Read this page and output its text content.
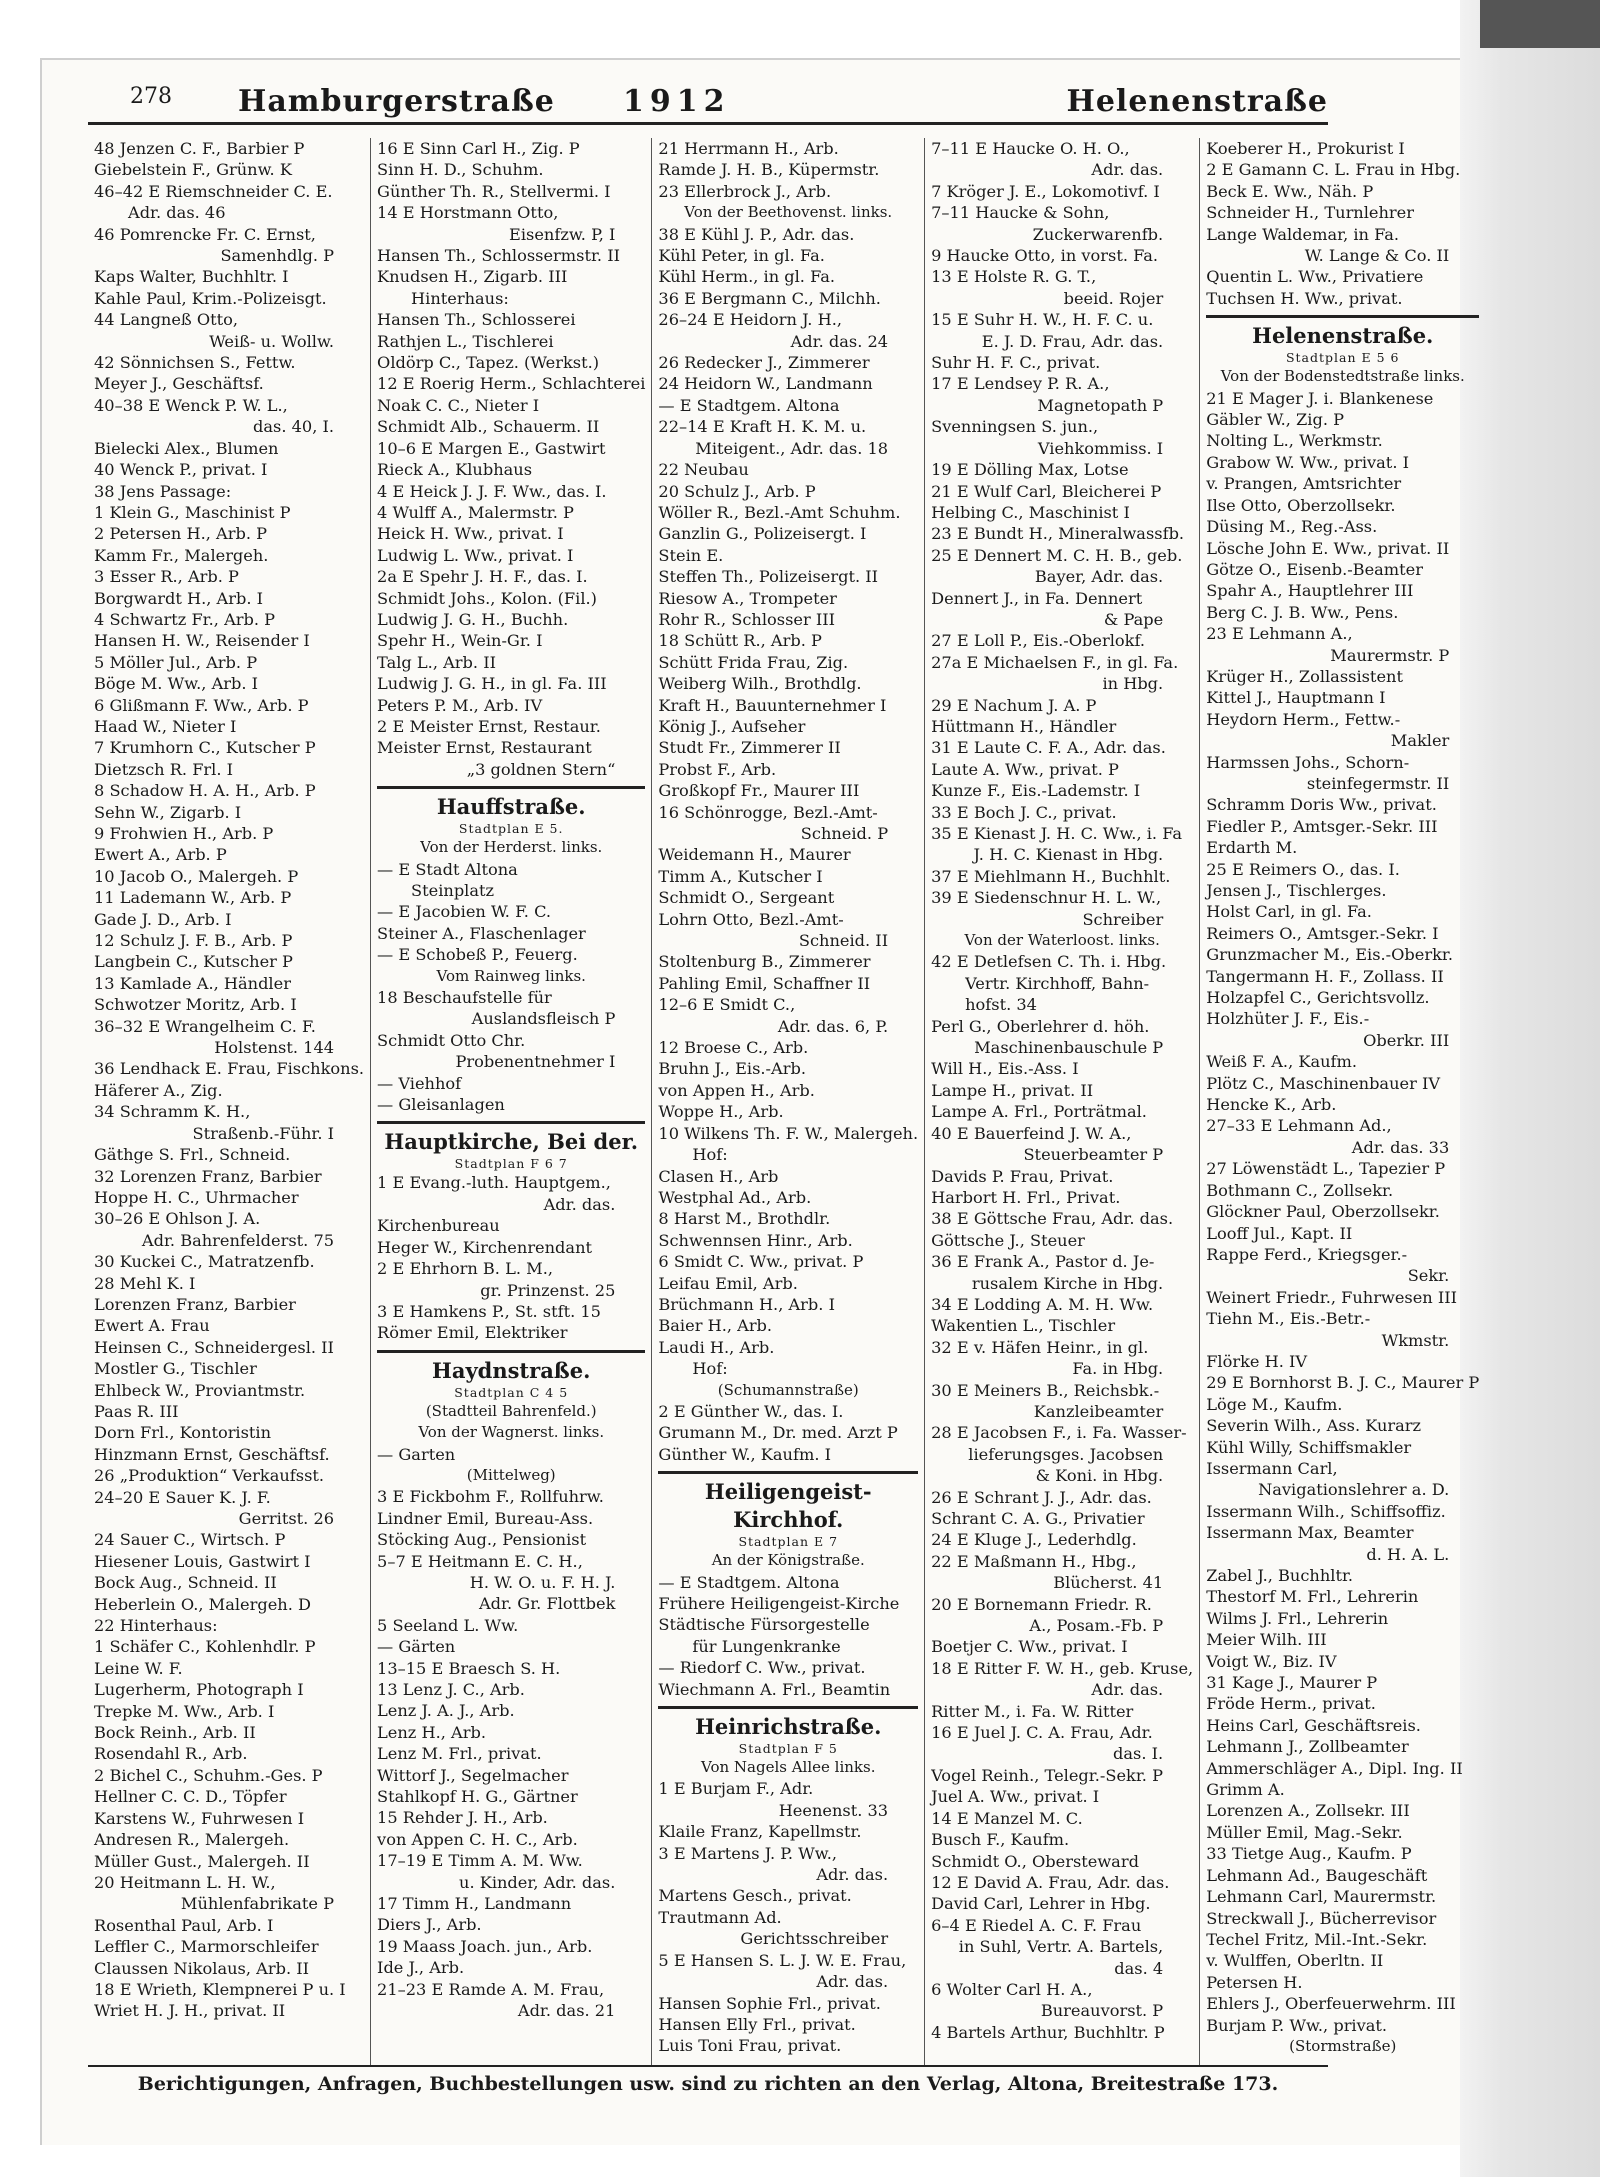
278 Hamburgerstraße 1912	Helenenstraße
48 Jenzen C. F., Barbier P
Giebelstein F., Grünw. K
46–42 E Riemschneider C. E.
Adr. das. 46
46 Pomrencke Fr. C. Ernst,
Samenhdlg. P
Kaps Walter, Buchhltr. I
Kahle Paul, Krim.-Polizeisgt.
44 Langneß Otto,
Weiß- u. Wollw.
42 Sönnichsen S., Fettw.
Meyer J., Geschäftsf.
40–38 E Wenck P. W. L.,
das. 40, I.
Bielecki Alex., Blumen
40 Wenck P., privat. I
38 Jens Passage:
1 Klein G., Maschinist P
2 Petersen H., Arb. P
Kamm Fr., Malergeh.
3 Esser R., Arb. P
Borgwardt H., Arb. I
4 Schwartz Fr., Arb. P
Hansen H. W., Reisender I
5 Möller Jul., Arb. P
Böge M. Ww., Arb. I
6 Glißmann F. Ww., Arb. P
Haad W., Nieter I
7 Krumhorn C., Kutscher P
Dietzsch R. Frl. I
8 Schadow H. A. H., Arb. P
Sehn W., Zigarb. I
9 Frohwien H., Arb. P
Ewert A., Arb. P
10 Jacob O., Malergeh. P
11 Lademann W., Arb. P
Gade J. D., Arb. I
12 Schulz J. F. B., Arb. P
Langbein C., Kutscher P
13 Kamlade A., Händler
Schwotzer Moritz, Arb. I
36–32 E Wrangelheim C. F.
Holstenst. 144
36 Lendhack E. Frau, Fischkons.
Häferer A., Zig.
34 Schramm K. H.,
Straßenb.-Führ. I
Gäthge S. Frl., Schneid.
32 Lorenzen Franz, Barbier
Hoppe H. C., Uhrmacher
30–26 E Ohlson J. A.
Adr. Bahrenfelderst. 75
30 Kuckei C., Matratzenfb.
28 Mehl K. I
Lorenzen Franz, Barbier
Ewert A. Frau
Heinsen C., Schneidergesl. II
Mostler G., Tischler
Ehlbeck W., Proviantmstr.
Paas R. III
Dorn Frl., Kontoristin
Hinzmann Ernst, Geschäftsf.
26 „Produktion“ Verkaufsst.
24–20 E Sauer K. J. F.
Gerritst. 26
24 Sauer C., Wirtsch. P
Hiesener Louis, Gastwirt I
Bock Aug., Schneid. II
Heberlein O., Malergeh. D
22 Hinterhaus:
1 Schäfer C., Kohlenhdlr. P
Leine W. F.
Lugerherm, Photograph I
Trepke M. Ww., Arb. I
Bock Reinh., Arb. II
Rosendahl R., Arb.
2 Bichel C., Schuhm.-Ges. P
Hellner C. C. D., Töpfer
Karstens W., Fuhrwesen I
Andresen R., Malergeh.
Müller Gust., Malergeh. II
20 Heitmann L. H. W.,
Mühlenfabrikate P
Rosenthal Paul, Arb. I
Leffler C., Marmorschleifer
Claussen Nikolaus, Arb. II
18 E Wrieth, Klempnerei P u. I
Wriet H. J. H., privat. II
16 E Sinn Carl H., Zig. P
Sinn H. D., Schuhm.
Günther Th. R., Stellvermi. I
14 E Horstmann Otto,
Eisenfzw. P, I
Hansen Th., Schlossermstr. II
Knudsen H., Zigarb. III
Hinterhaus:
Hansen Th., Schlosserei
Rathjen L., Tischlerei
Oldörp C., Tapez. (Werkst.)
12 E Roerig Herm., Schlachterei
Noak C. C., Nieter I
Schmidt Alb., Schauerm. II
10–6 E Margen E., Gastwirt
Rieck A., Klubhaus
4 E Heick J. J. F. Ww., das. I.
4 Wulff A., Malermstr. P
Heick H. Ww., privat. I
Ludwig L. Ww., privat. I
2a E Spehr J. H. F., das. I.
Schmidt Johs., Kolon. (Fil.)
Ludwig J. G. H., Buchh.
Spehr H., Wein-Gr. I
Talg L., Arb. II
Ludwig J. G. H., in gl. Fa. III
Peters P. M., Arb. IV
2 E Meister Ernst, Restaur.
Meister Ernst, Restaurant
„3 goldnen Stern“
Hauffstraße.
Stadtplan E 5.
Von der Herderst. links.
— E Stadt Altona
Steinplatz
— E Jacobien W. F. C.
Steiner A., Flaschenlager
— E Schobeß P., Feuerg.
Vom Rainweg links.
18 Beschaufstelle für
Auslandsfleisch P
Schmidt Otto Chr.
Probenentnehmer I
— Viehhof
— Gleisanlagen
Hauptkirche, Bei der.
Stadtplan F 6 7
1 E Evang.-luth. Hauptgem.,
Adr. das.
Kirchenbureau
Heger W., Kirchenrendant
2 E Ehrhorn B. L. M.,
gr. Prinzenst. 25
3 E Hamkens P., St. stft. 15
Römer Emil, Elektriker
Haydnstraße.
Stadtplan C 4 5
(Stadtteil Bahrenfeld.)
Von der Wagnerst. links.
— Garten
(Mittelweg)
3 E Fickbohm F., Rollfuhrw.
Lindner Emil, Bureau-Ass.
Stöcking Aug., Pensionist
5–7 E Heitmann E. C. H.,
H. W. O. u. F. H. J.
Adr. Gr. Flottbek
5 Seeland L. Ww.
— Gärten
13–15 E Braesch S. H.
13 Lenz J. C., Arb.
Lenz J. A. J., Arb.
Lenz H., Arb.
Lenz M. Frl., privat.
Wittorf J., Segelmacher
Stahlkopf H. G., Gärtner
15 Rehder J. H., Arb.
von Appen C. H. C., Arb.
17–19 E Timm A. M. Ww.
u. Kinder, Adr. das.
17 Timm H., Landmann
Diers J., Arb.
19 Maass Joach. jun., Arb.
Ide J., Arb.
21–23 E Ramde A. M. Frau,
Adr. das. 21
21 Herrmann H., Arb.
Ramde J. H. B., Küpermstr.
23 Ellerbrock J., Arb.
Von der Beethovenst. links.
38 E Kühl J. P., Adr. das.
Kühl Peter, in gl. Fa.
Kühl Herm., in gl. Fa.
36 E Bergmann C., Milchh.
26–24 E Heidorn J. H.,
Adr. das. 24
26 Redecker J., Zimmerer
24 Heidorn W., Landmann
— E Stadtgem. Altona
22–14 E Kraft H. K. M. u.
Miteigent., Adr. das. 18
22 Neubau
20 Schulz J., Arb. P
Wöller R., Bezl.-Amt Schuhm.
Ganzlin G., Polizeisergt. I
Stein E.
Steffen Th., Polizeisergt. II
Riesow A., Trompeter
Rohr R., Schlosser III
18 Schütt R., Arb. P
Schütt Frida Frau, Zig.
Weiberg Wilh., Brothdlg.
Kraft H., Bauunternehmer I
König J., Aufseher
Studt Fr., Zimmerer II
Probst F., Arb.
Großkopf Fr., Maurer III
16 Schönrogge, Bezl.-Amt-
Schneid. P
Weidemann H., Maurer
Timm A., Kutscher I
Schmidt O., Sergeant
Lohrn Otto, Bezl.-Amt-
Schneid. II
Stoltenburg B., Zimmerer
Pahling Emil, Schaffner II
12–6 E Smidt C.,
Adr. das. 6, P.
12 Broese C., Arb.
Bruhn J., Eis.-Arb.
von Appen H., Arb.
Woppe H., Arb.
10 Wilkens Th. F. W., Malergeh.
Hof:
Clasen H., Arb
Westphal Ad., Arb.
8 Harst M., Brothdlr.
Schwennsen Hinr., Arb.
6 Smidt C. Ww., privat. P
Leifau Emil, Arb.
Brüchmann H., Arb. I
Baier H., Arb.
Laudi H., Arb.
Hof:
(Schumannstraße)
2 E Günther W., das. I.
Grumann M., Dr. med. Arzt P
Günther W., Kaufm. I
Heiligengeist-Kirchhof.
Stadtplan E 7
An der Königstraße.
— E Stadtgem. Altona
Frühere Heiligengeist-Kirche
Städtische Fürsorgestelle
für Lungenkranke
— Riedorf C. Ww., privat.
Wiechmann A. Frl., Beamtin
Heinrichstraße.
Stadtplan F 5
Von Nagels Allee links.
1 E Burjam F., Adr.
Heenenst. 33
Klaile Franz, Kapellmstr.
3 E Martens J. P. Ww.,
Adr. das.
Martens Gesch., privat.
Trautmann Ad.
Gerichtsschreiber
5 E Hansen S. L. J. W. E. Frau,
Adr. das.
Hansen Sophie Frl., privat.
Hansen Elly Frl., privat.
Luis Toni Frau, privat.
7–11 E Haucke O. H. O.,
Adr. das.
7 Kröger J. E., Lokomotivf. I
7–11 Haucke & Sohn,
Zuckerwarenfb.
9 Haucke Otto, in vorst. Fa.
13 E Holste R. G. T.,
beeid. Rojer
15 E Suhr H. W., H. F. C. u.
E. J. D. Frau, Adr. das.
Suhr H. F. C., privat.
17 E Lendsey P. R. A.,
Magnetopath P
Svenningsen S. jun.,
Viehkommiss. I
19 E Dölling Max, Lotse
21 E Wulf Carl, Bleicherei P
Helbing C., Maschinist I
23 E Bundt H., Mineralwassfb.
25 E Dennert M. C. H. B., geb.
Bayer, Adr. das.
Dennert J., in Fa. Dennert
& Pape
27 E Loll P., Eis.-Oberlokf.
27a E Michaelsen F., in gl. Fa.
in Hbg.
29 E Nachum J. A. P
Hüttmann H., Händler
31 E Laute C. F. A., Adr. das.
Laute A. Ww., privat. P
Kunze F., Eis.-Lademstr. I
33 E Boch J. C., privat.
35 E Kienast J. H. C. Ww., i. Fa
J. H. C. Kienast in Hbg.
37 E Miehlmann H., Buchhlt.
39 E Siedenschnur H. L. W.,
Schreiber
Von der Waterloost. links.
42 E Detlefsen C. Th. i. Hbg.
Vertr. Kirchhoff, Bahn-
hofst. 34
Perl G., Oberlehrer d. höh.
Maschinenbauschule P
Will H., Eis.-Ass. I
Lampe H., privat. II
Lampe A. Frl., Porträtmal.
40 E Bauerfeind J. W. A.,
Steuerbeamter P
Davids P. Frau, Privat.
Harbort H. Frl., Privat.
38 E Göttsche Frau, Adr. das.
Göttsche J., Steuer
36 E Frank A., Pastor d. Je-
rusalem Kirche in Hbg.
34 E Lodding A. M. H. Ww.
Wakentien L., Tischler
32 E v. Häfen Heinr., in gl.
Fa. in Hbg.
30 E Meiners B., Reichsbk.-
Kanzleibeamter
28 E Jacobsen F., i. Fa. Wasser-
lieferungsges. Jacobsen
& Koni. in Hbg.
26 E Schrant J. J., Adr. das.
Schrant C. A. G., Privatier
24 E Kluge J., Lederhdlg.
22 E Maßmann H., Hbg.,
Blücherst. 41
20 E Bornemann Friedr. R.
A., Posam.-Fb. P
Boetjer C. Ww., privat. I
18 E Ritter F. W. H., geb. Kruse,
Adr. das.
Ritter M., i. Fa. W. Ritter
16 E Juel J. C. A. Frau, Adr.
das. I.
Vogel Reinh., Telegr.-Sekr. P
Juel A. Ww., privat. I
14 E Manzel M. C.
Busch F., Kaufm.
Schmidt O., Obersteward
12 E David A. Frau, Adr. das.
David Carl, Lehrer in Hbg.
6–4 E Riedel A. C. F. Frau
in Suhl, Vertr. A. Bartels,
das. 4
6 Wolter Carl H. A.,
Bureauvorst. P
4 Bartels Arthur, Buchhltr. P
Koeberer H., Prokurist I
2 E Gamann C. L. Frau in Hbg.
Beck E. Ww., Näh. P
Schneider H., Turnlehrer
Lange Waldemar, in Fa.
W. Lange & Co. II
Quentin L. Ww., Privatiere
Tuchsen H. Ww., privat.
Helenenstraße.
Stadtplan E 5 6
Von der Bodenstedtstraße links.
21 E Mager J. i. Blankenese
Gäbler W., Zig. P
Nolting L., Werkmstr.
Grabow W. Ww., privat. I
v. Prangen, Amtsrichter
Ilse Otto, Oberzollsekr.
Düsing M., Reg.-Ass.
Lösche John E. Ww., privat. II
Götze O., Eisenb.-Beamter
Spahr A., Hauptlehrer III
Berg C. J. B. Ww., Pens.
23 E Lehmann A.,
Maurermstr. P
Krüger H., Zollassistent
Kittel J., Hauptmann I
Heydorn Herm., Fettw.-
Makler
Harmssen Johs., Schorn-
steinfegermstr. II
Schramm Doris Ww., privat.
Fiedler P., Amtsger.-Sekr. III
Erdarth M.
25 E Reimers O., das. I.
Jensen J., Tischlerges.
Holst Carl, in gl. Fa.
Reimers O., Amtsger.-Sekr. I
Grunzmacher M., Eis.-Oberkr.
Tangermann H. F., Zollass. II
Holzapfel C., Gerichtsvollz.
Holzhüter J. F., Eis.-
Oberkr. III
Weiß F. A., Kaufm.
Plötz C., Maschinenbauer IV
Hencke K., Arb.
27–33 E Lehmann Ad.,
Adr. das. 33
27 Löwenstädt L., Tapezier P
Bothmann C., Zollsekr.
Glöckner Paul, Oberzollsekr.
Looff Jul., Kapt. II
Rappe Ferd., Kriegsger.-
Sekr.
Weinert Friedr., Fuhrwesen III
Tiehn M., Eis.-Betr.-
Wkmstr.
Flörke H. IV
29 E Bornhorst B. J. C., Maurer P
Löge M., Kaufm.
Severin Wilh., Ass. Kurarz
Kühl Willy, Schiffsmakler
Issermann Carl,
Navigationslehrer a. D.
Issermann Wilh., Schiffsoffiz.
Issermann Max, Beamter
d. H. A. L.
Zabel J., Buchhltr.
Thestorf M. Frl., Lehrerin
Wilms J. Frl., Lehrerin
Meier Wilh. III
Voigt W., Biz. IV
31 Kage J., Maurer P
Fröde Herm., privat.
Heins Carl, Geschäftsreis.
Lehmann J., Zollbeamter
Ammerschläger A., Dipl. Ing. II
Grimm A.
Lorenzen A., Zollsekr. III
Müller Emil, Mag.-Sekr.
33 Tietge Aug., Kaufm. P
Lehmann Ad., Baugeschäft
Lehmann Carl, Maurermstr.
Streckwall J., Bücherrevisor
Techel Fritz, Mil.-Int.-Sekr.
v. Wulffen, Oberltn. II
Petersen H.
Ehlers J., Oberfeuerwehrm. III
Burjam P. Ww., privat.
(Stormstraße)
Berichtigungen, Anfragen, Buchbestellungen usw. sind zu richten an den Verlag, Altona, Breitestraße 173.
